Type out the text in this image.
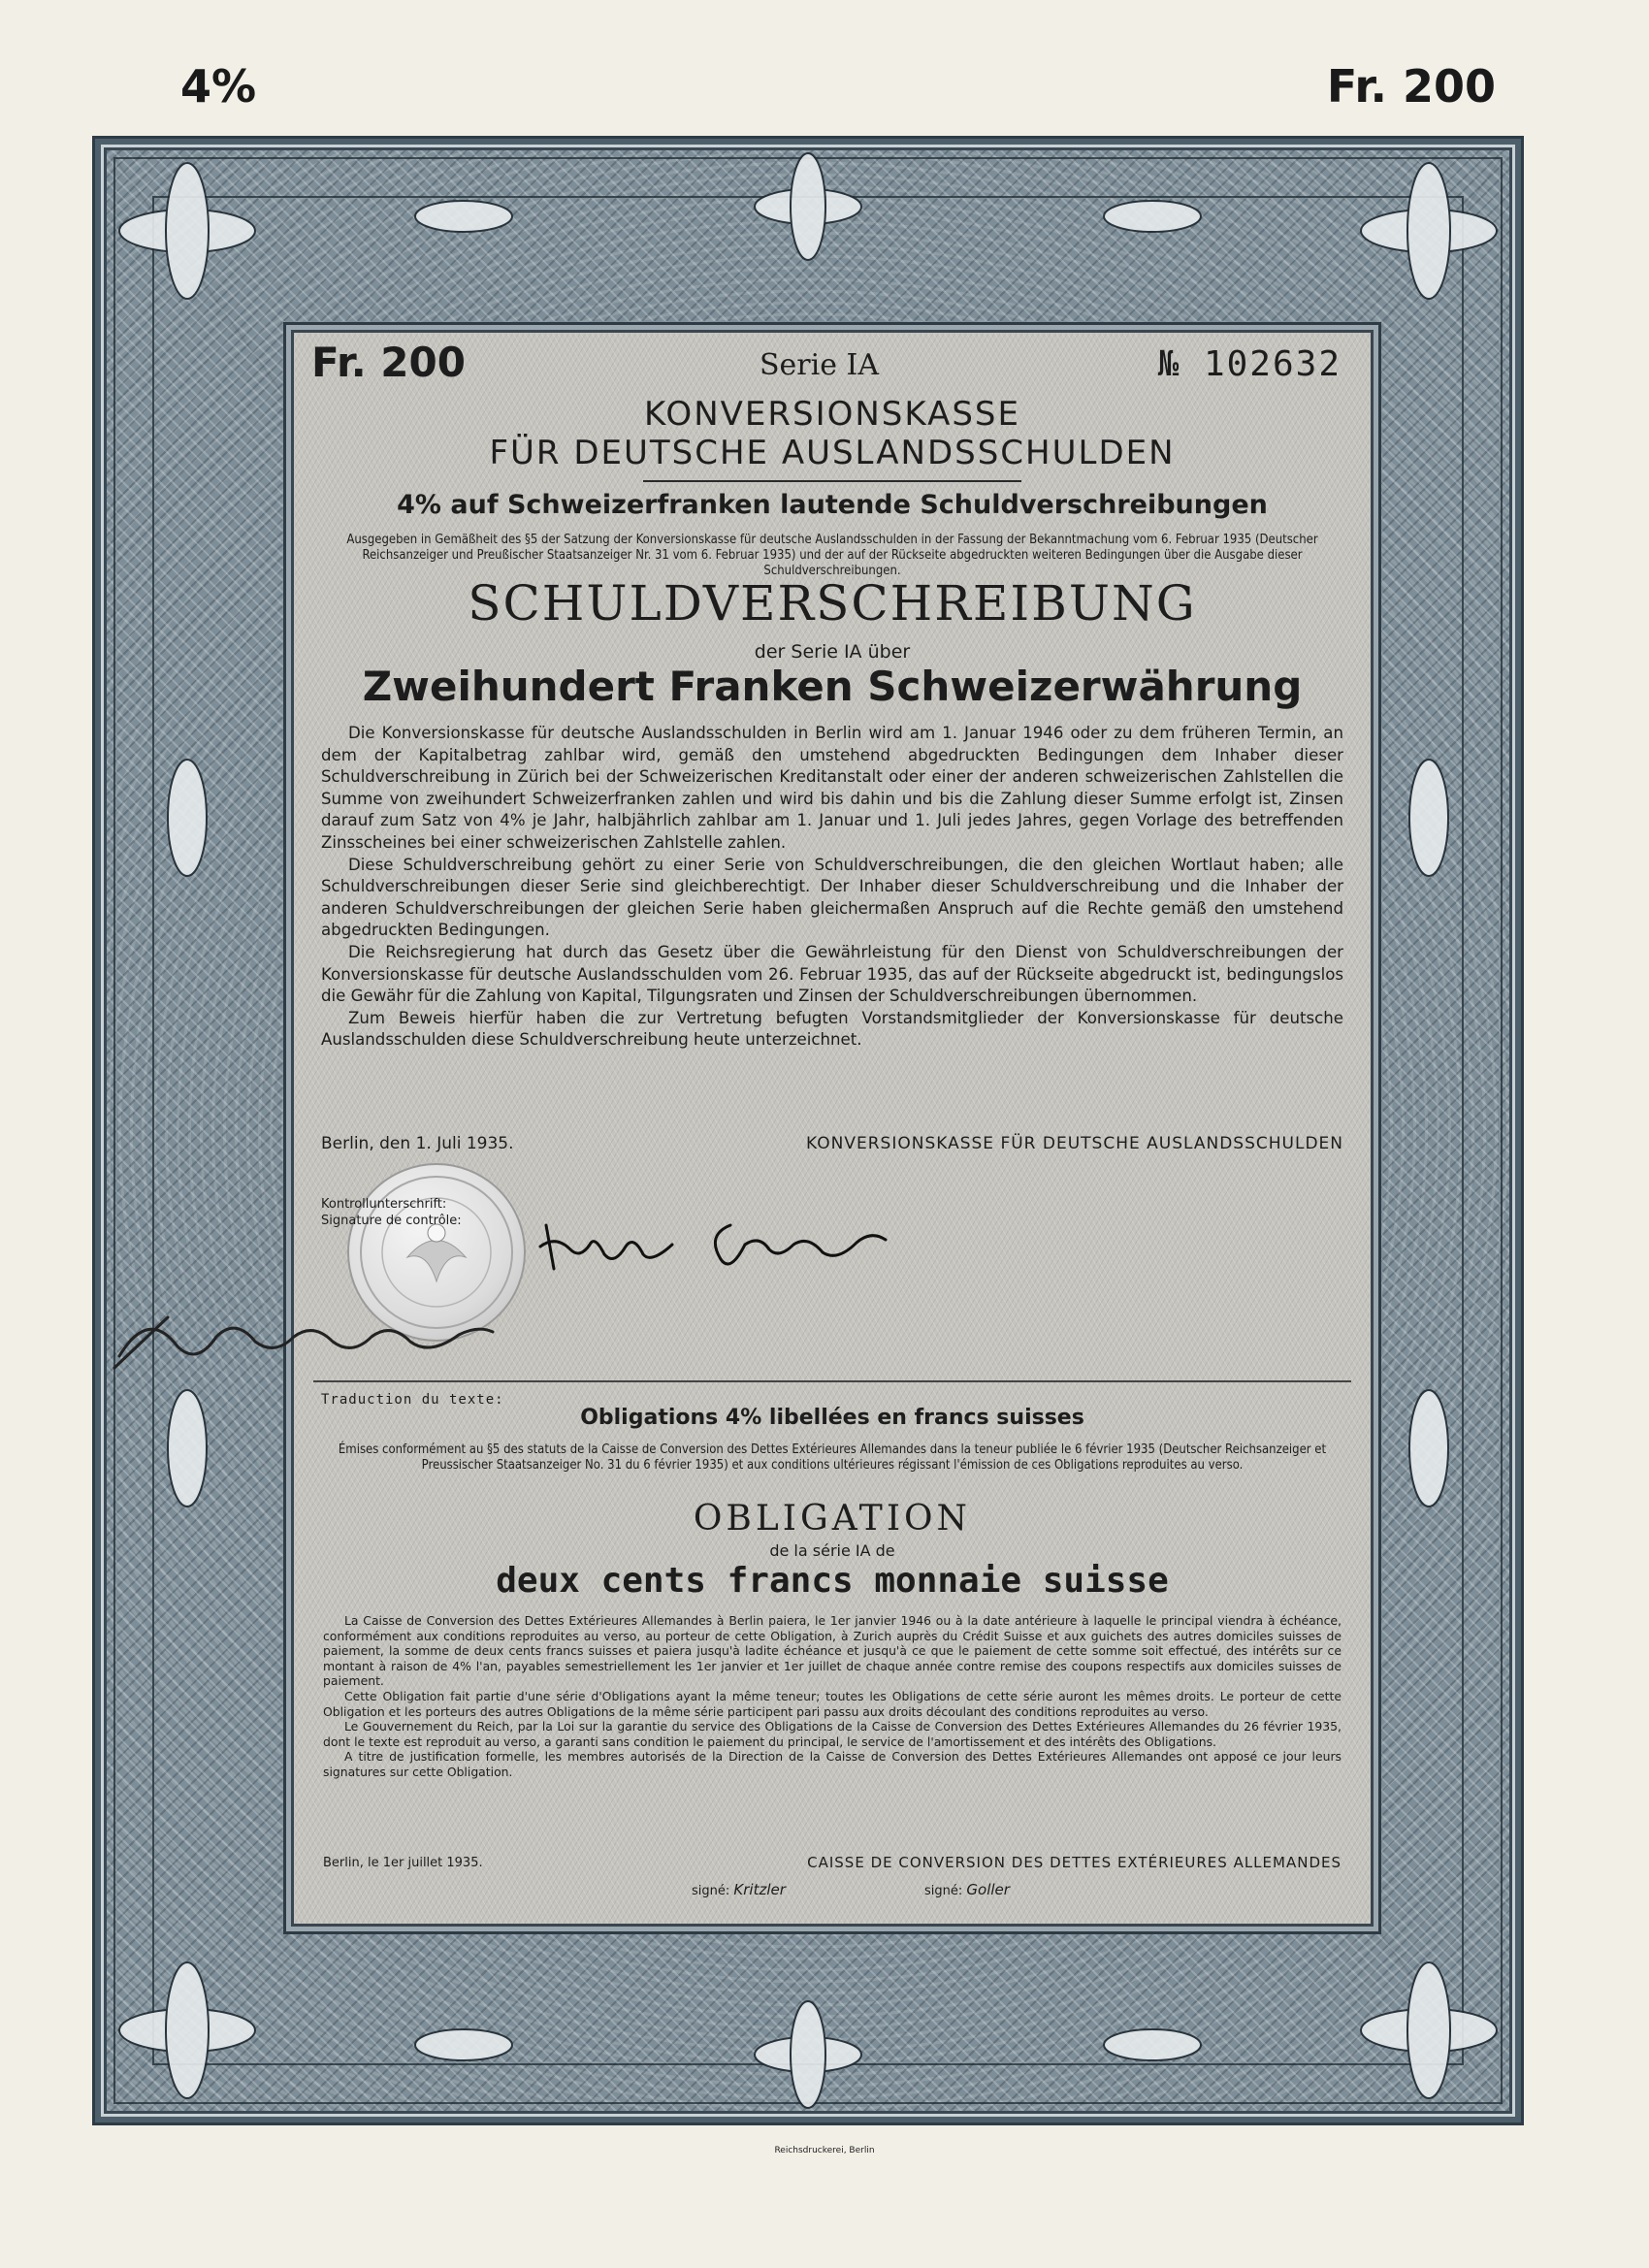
4%	Fr. 200
Fr. 200	Serie IA	№ 102632
KONVERSIONSKASSE
FÜR DEUTSCHE AUSLANDSSCHULDEN
4% auf Schweizerfranken lautende Schuldverschreibungen
Ausgegeben in Gemäßheit des §5 der Satzung der Konversionskasse für deutsche Auslandsschulden in der Fassung der Bekanntmachung vom 6. Februar 1935 (Deutscher Reichsanzeiger und Preußischer Staatsanzeiger Nr. 31 vom 6. Februar 1935) und der auf der Rückseite abgedruckten weiteren Bedingungen über die Ausgabe dieser Schuldverschreibungen.
SCHULDVERSCHREIBUNG
der Serie IA über
Zweihundert Franken Schweizerwährung

Die Konversionskasse für deutsche Auslandsschulden in Berlin wird am 1. Januar 1946 oder zu dem früheren Termin, an dem der Kapitalbetrag zahlbar wird, gemäß den umstehend abgedruckten Bedingungen dem Inhaber dieser Schuldverschreibung in Zürich bei der Schweizerischen Kreditanstalt oder einer der anderen schweizerischen Zahlstellen die Summe von zweihundert Schweizerfranken zahlen und wird bis dahin und bis die Zahlung dieser Summe erfolgt ist, Zinsen darauf zum Satz von 4% je Jahr, halbjährlich zahlbar am 1. Januar und 1. Juli jedes Jahres, gegen Vorlage des betreffenden Zinsscheines bei einer schweizerischen Zahlstelle zahlen.

Diese Schuldverschreibung gehört zu einer Serie von Schuldverschreibungen, die den gleichen Wortlaut haben; alle Schuldverschreibungen dieser Serie sind gleichberechtigt. Der Inhaber dieser Schuldverschreibung und die Inhaber der anderen Schuldverschreibungen der gleichen Serie haben gleichermaßen Anspruch auf die Rechte gemäß den umstehend abgedruckten Bedingungen.

Die Reichsregierung hat durch das Gesetz über die Gewährleistung für den Dienst von Schuldverschreibungen der Konversionskasse für deutsche Auslandsschulden vom 26. Februar 1935, das auf der Rückseite abgedruckt ist, bedingungslos die Gewähr für die Zahlung von Kapital, Tilgungsraten und Zinsen der Schuldverschreibungen übernommen.

Zum Beweis hierfür haben die zur Vertretung befugten Vorstandsmitglieder der Konversionskasse für deutsche Auslandsschulden diese Schuldverschreibung heute unterzeichnet.

Berlin, den 1. Juli 1935.	KONVERSIONSKASSE FÜR DEUTSCHE AUSLANDSSCHULDEN
Kontrollunterschrift:
Signature de contrôle:
Traduction du texte:
Obligations 4% libellées en francs suisses
Émises conformément au §5 des statuts de la Caisse de Conversion des Dettes Extérieures Allemandes dans la teneur publiée le 6 février 1935 (Deutscher Reichsanzeiger et Preussischer Staatsanzeiger No. 31 du 6 février 1935) et aux conditions ultérieures régissant l'émission de ces Obligations reproduites au verso.
OBLIGATION
de la série IA de
deux cents francs monnaie suisse

La Caisse de Conversion des Dettes Extérieures Allemandes à Berlin paiera, le 1er janvier 1946 ou à la date antérieure à laquelle le principal viendra à échéance, conformément aux conditions reproduites au verso, au porteur de cette Obligation, à Zurich auprès du Crédit Suisse et aux guichets des autres domiciles suisses de paiement, la somme de deux cents francs suisses et paiera jusqu'à ladite échéance et jusqu'à ce que le paiement de cette somme soit effectué, des intérêts sur ce montant à raison de 4% l'an, payables semestriellement les 1er janvier et 1er juillet de chaque année contre remise des coupons respectifs aux domiciles suisses de paiement.

Cette Obligation fait partie d'une série d'Obligations ayant la même teneur; toutes les Obligations de cette série auront les mêmes droits. Le porteur de cette Obligation et les porteurs des autres Obligations de la même série participent pari passu aux droits découlant des conditions reproduites au verso.

Le Gouvernement du Reich, par la Loi sur la garantie du service des Obligations de la Caisse de Conversion des Dettes Extérieures Allemandes du 26 février 1935, dont le texte est reproduit au verso, a garanti sans condition le paiement du principal, le service de l'amortissement et des intérêts des Obligations.

A titre de justification formelle, les membres autorisés de la Direction de la Caisse de Conversion des Dettes Extérieures Allemandes ont apposé ce jour leurs signatures sur cette Obligation.

Berlin, le 1er juillet 1935.	CAISSE DE CONVERSION DES DETTES EXTÉRIEURES ALLEMANDES
signé: Kritzler	signé: Goller
Reichsdruckerei, Berlin
